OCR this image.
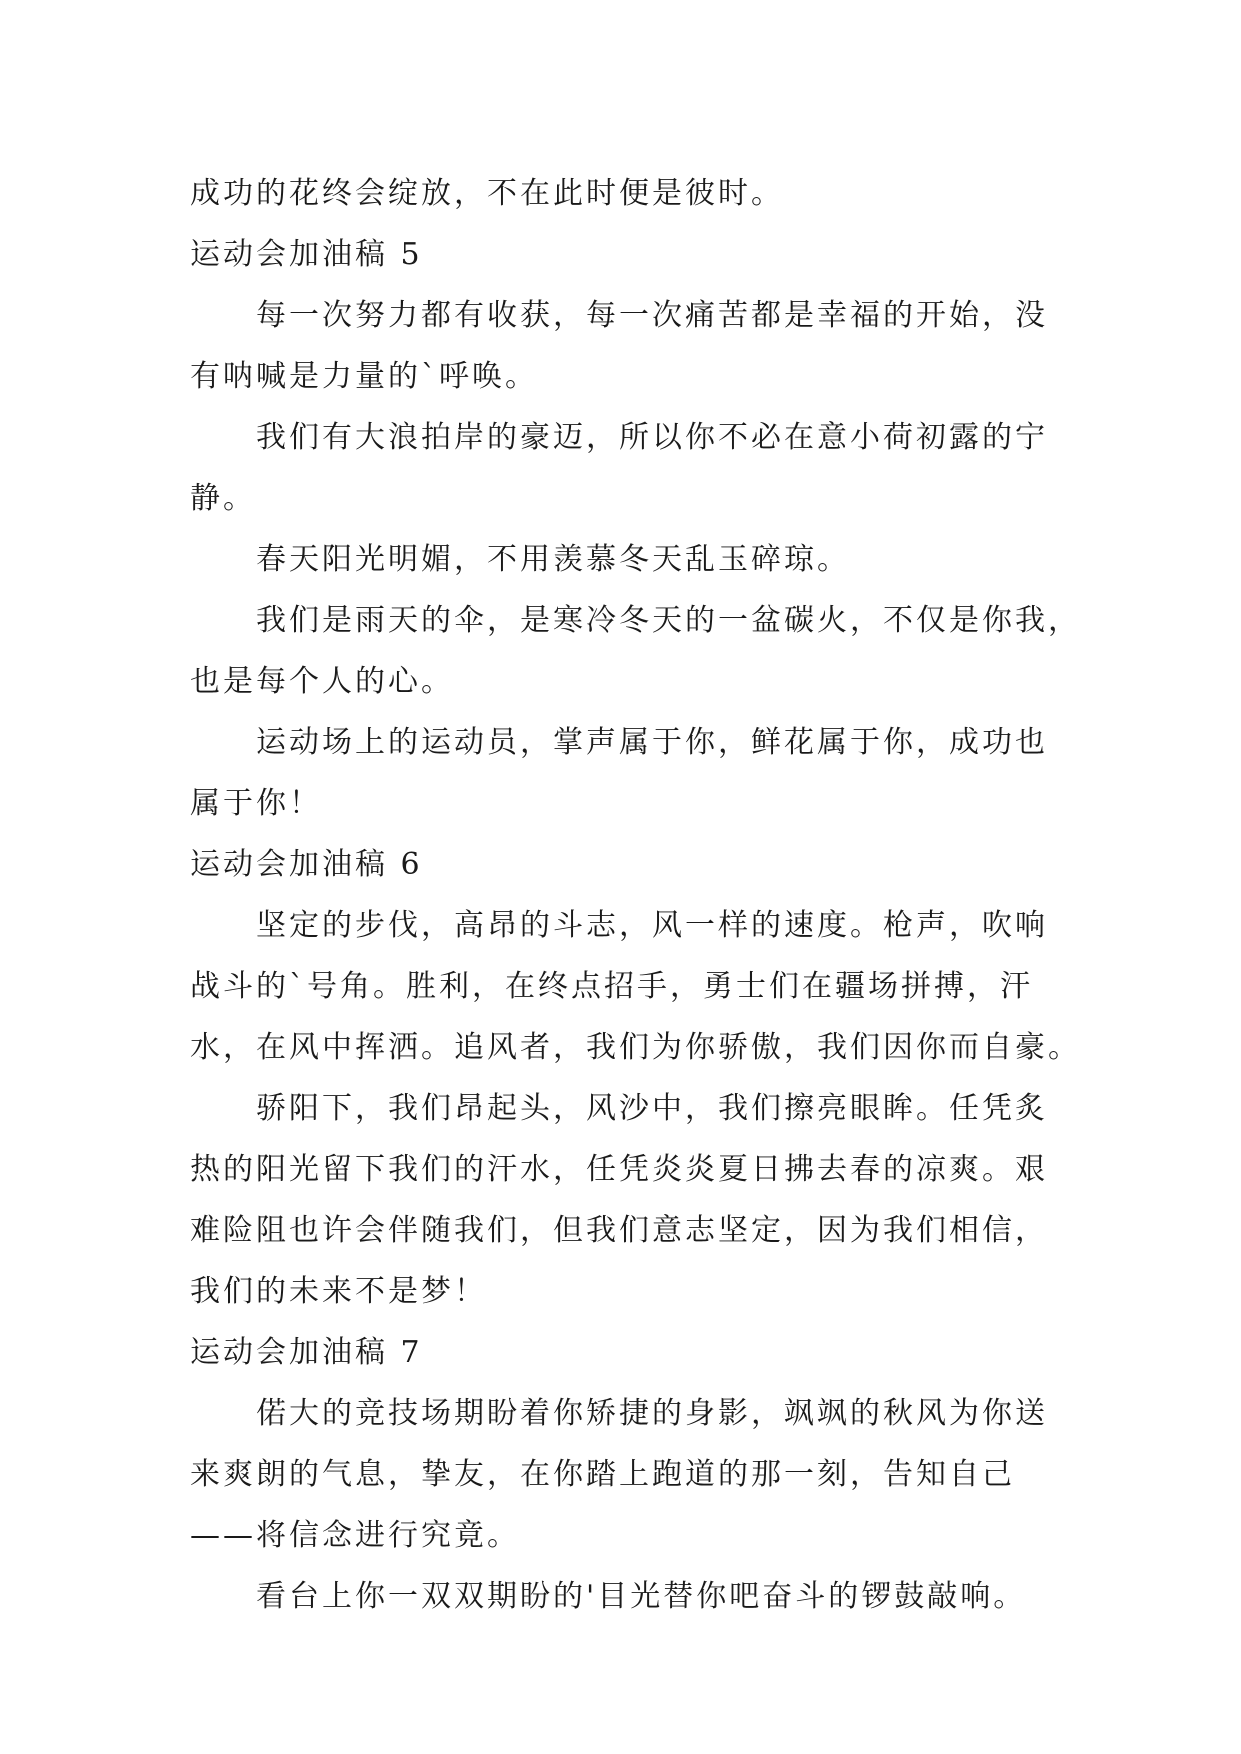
成功的花终会绽放，不在此时便是彼时。
运动会加油稿 5
每一次努力都有收获，每一次痛苦都是幸福的开始，没
有呐喊是力量的`呼唤。
我们有大浪拍岸的豪迈，所以你不必在意小荷初露的宁
静。
春天阳光明媚，不用羡慕冬天乱玉碎琼。
我们是雨天的伞，是寒冷冬天的一盆碳火，不仅是你我，
也是每个人的心。
运动场上的运动员，掌声属于你，鲜花属于你，成功也
属于你！
运动会加油稿 6
坚定的步伐，高昂的斗志，风一样的速度。枪声，吹响
战斗的`号角。胜利，在终点招手，勇士们在疆场拼搏，汗
水，在风中挥洒。追风者，我们为你骄傲，我们因你而自豪。
骄阳下，我们昂起头，风沙中，我们擦亮眼眸。任凭炙
热的阳光留下我们的汗水，任凭炎炎夏日拂去春的凉爽。艰
难险阻也许会伴随我们，但我们意志坚定，因为我们相信，
我们的未来不是梦！
运动会加油稿 7
偌大的竞技场期盼着你矫捷的身影，飒飒的秋风为你送
来爽朗的气息，挚友，在你踏上跑道的那一刻，告知自己
——将信念进行究竟。
看台上你一双双期盼的'目光替你吧奋斗的锣鼓敲响。
